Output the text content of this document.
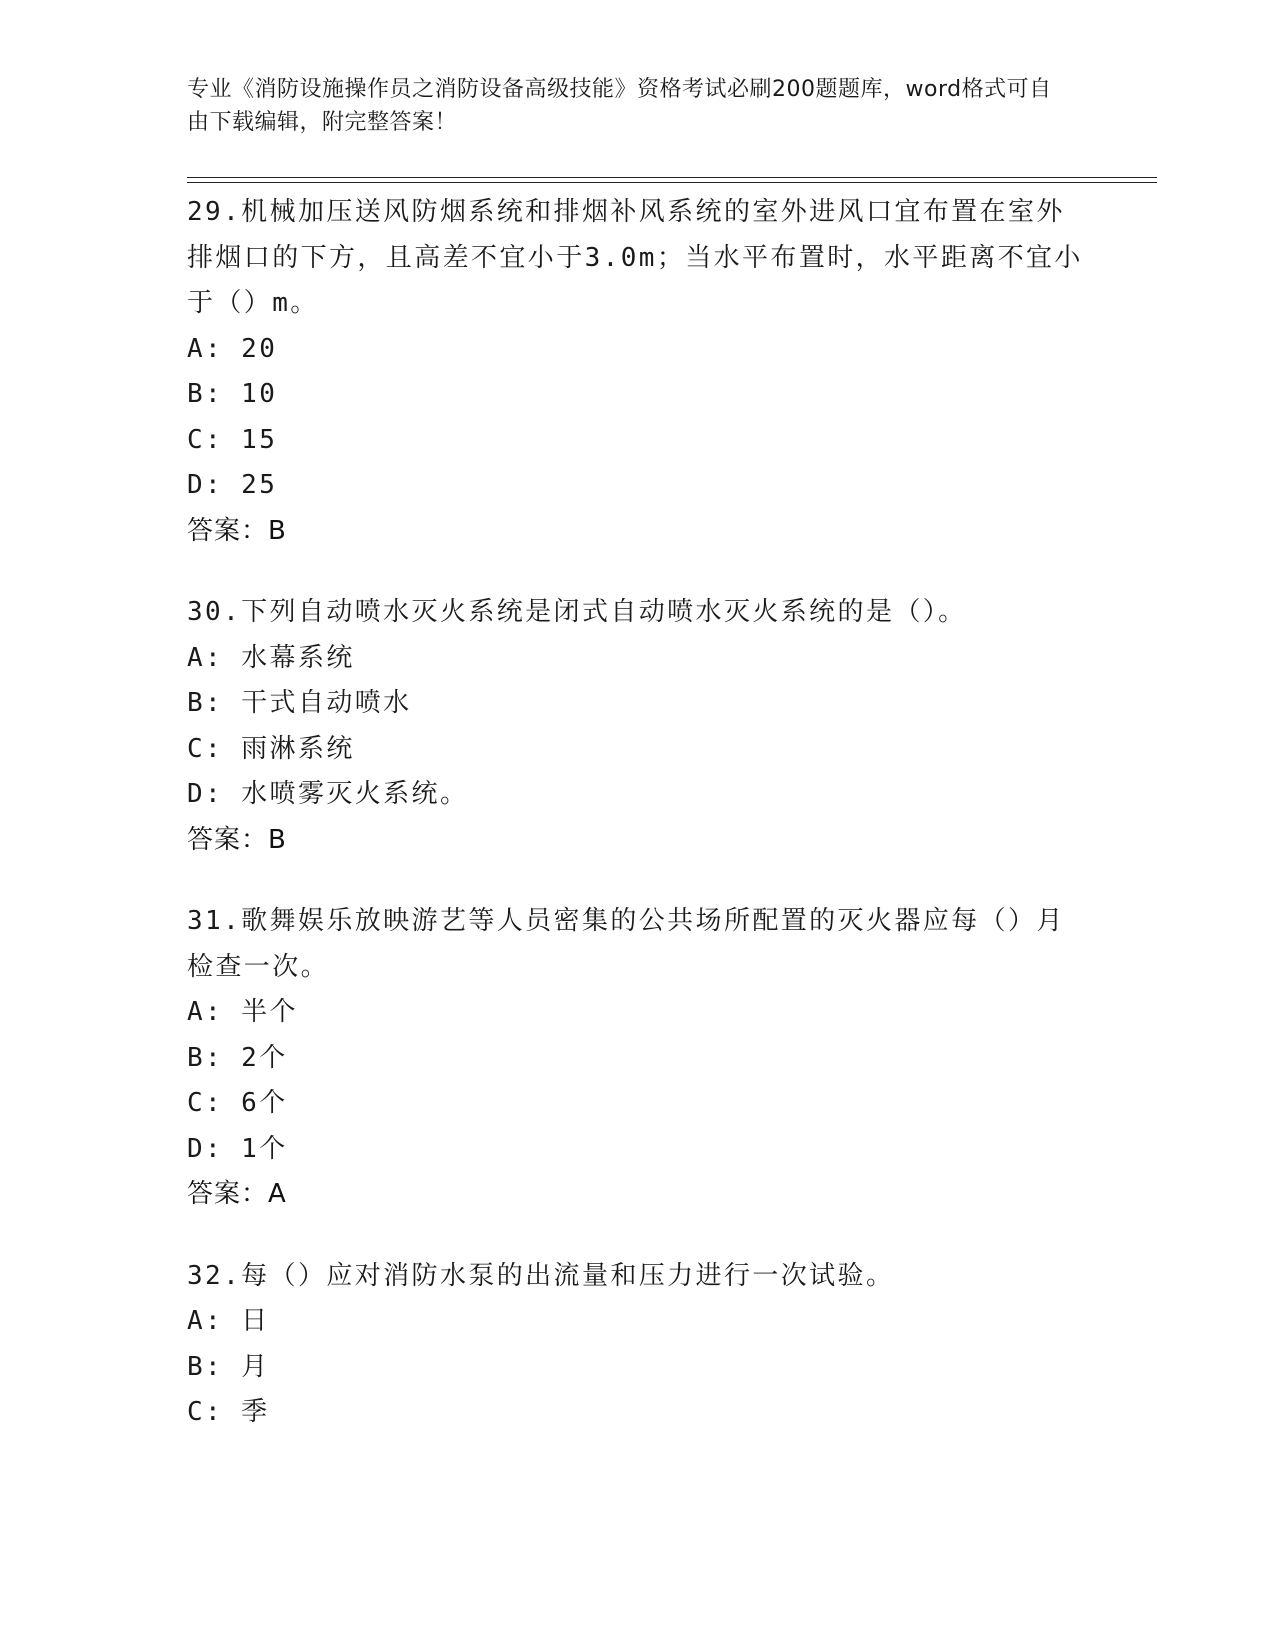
专业《消防设施操作员之消防设备高级技能》资格考试必刷200题题库，word格式可自由下载编辑，附完整答案！

29.机械加压送风防烟系统和排烟补风系统的室外进风口宜布置在室外排烟口的下方，且高差不宜小于3.0m；当水平布置时，水平距离不宜小于（）m。

A: 20

B: 10

C: 15

D: 25

答案：B

30.下列自动喷水灭火系统是闭式自动喷水灭火系统的是（）。

A: 水幕系统

B: 干式自动喷水

C: 雨淋系统

D: 水喷雾灭火系统。

答案：B

31.歌舞娱乐放映游艺等人员密集的公共场所配置的灭火器应每（）月检查一次。

A: 半个

B: 2个

C: 6个

D: 1个

答案：A

32.每（）应对消防水泵的出流量和压力进行一次试验。

A: 日

B: 月

C: 季
